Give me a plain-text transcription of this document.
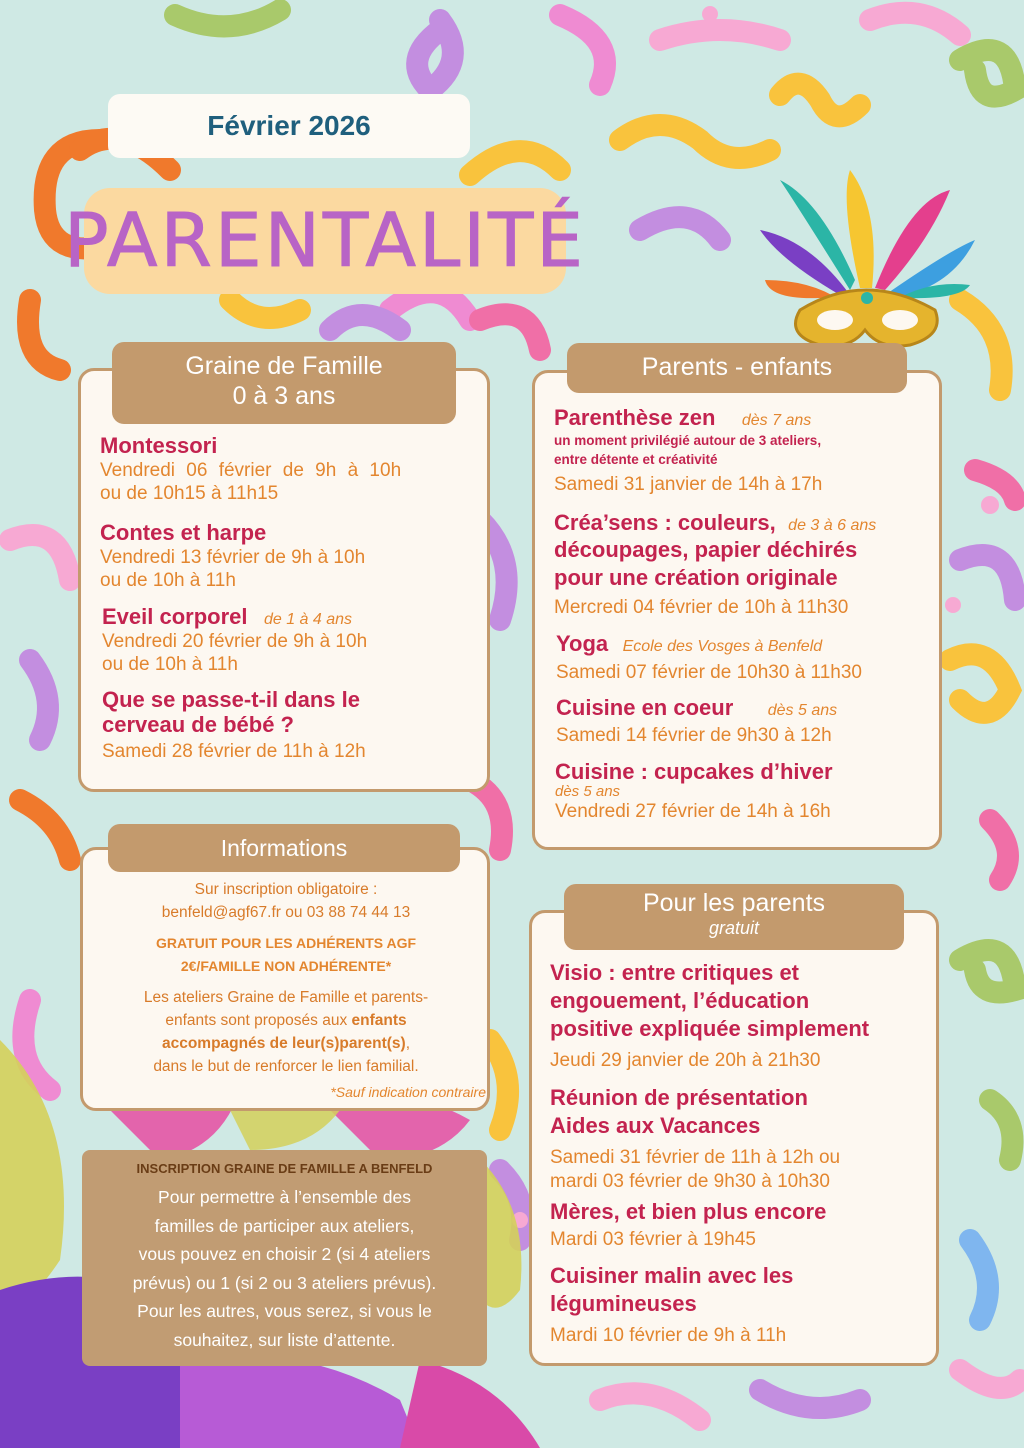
Février 2026
PARENTALITÉ
Graine de Famille
0 à 3 ans
Montessori
Vendredi 06 février de 9h à 10h
ou de 10h15 à 11h15
Contes et harpe
Vendredi 13 février de 9h à 10h
ou de 10h à 11h
Eveil corporel de 1 à 4 ans
Vendredi 20 février de 9h à 10h
ou de 10h à 11h
Que se passe-t-il dans le
cerveau de bébé ?
Samedi 28 février de 11h à 12h
Parents - enfants
Parenthèse zen dès 7 ans
un moment privilégié autour de 3 ateliers,
entre détente et créativité
Samedi 31 janvier de 14h à 17h
Créa’sens : couleurs, de 3 à 6 ans
découpages, papier déchirés
pour une création originale
Mercredi 04 février de 10h à 11h30
Yoga Ecole des Vosges à Benfeld
Samedi 07 février de 10h30 à 11h30
Cuisine en coeur dès 5 ans
Samedi 14 février de 9h30 à 12h
Cuisine : cupcakes d’hiver
dès 5 ans
Vendredi 27 février de 14h à 16h
Informations
Sur inscription obligatoire :
benfeld@agf67.fr ou 03 88 74 44 13
GRATUIT POUR LES ADHÉRENTS AGF
2€/FAMILLE NON ADHÉRENTE*
Les ateliers Graine de Famille et parents-
enfants sont proposés aux enfants
accompagnés de leur(s)parent(s),
dans le but de renforcer le lien familial.
*Sauf indication contraire
INSCRIPTION GRAINE DE FAMILLE A BENFELD
Pour permettre à l’ensemble des
familles de participer aux ateliers,
vous pouvez en choisir 2 (si 4 ateliers
prévus) ou 1 (si 2 ou 3 ateliers prévus).
Pour les autres, vous serez, si vous le
souhaitez, sur liste d’attente.
Pour les parents
gratuit
Visio : entre critiques et
engouement, l’éducation
positive expliquée simplement
Jeudi 29 janvier de 20h à 21h30
Réunion de présentation
Aides aux Vacances
Samedi 31 février de 11h à 12h ou
mardi 03 février de 9h30 à 10h30
Mères, et bien plus encore
Mardi 03 février à 19h45
Cuisiner malin avec les
légumineuses
Mardi 10 février de 9h à 11h
